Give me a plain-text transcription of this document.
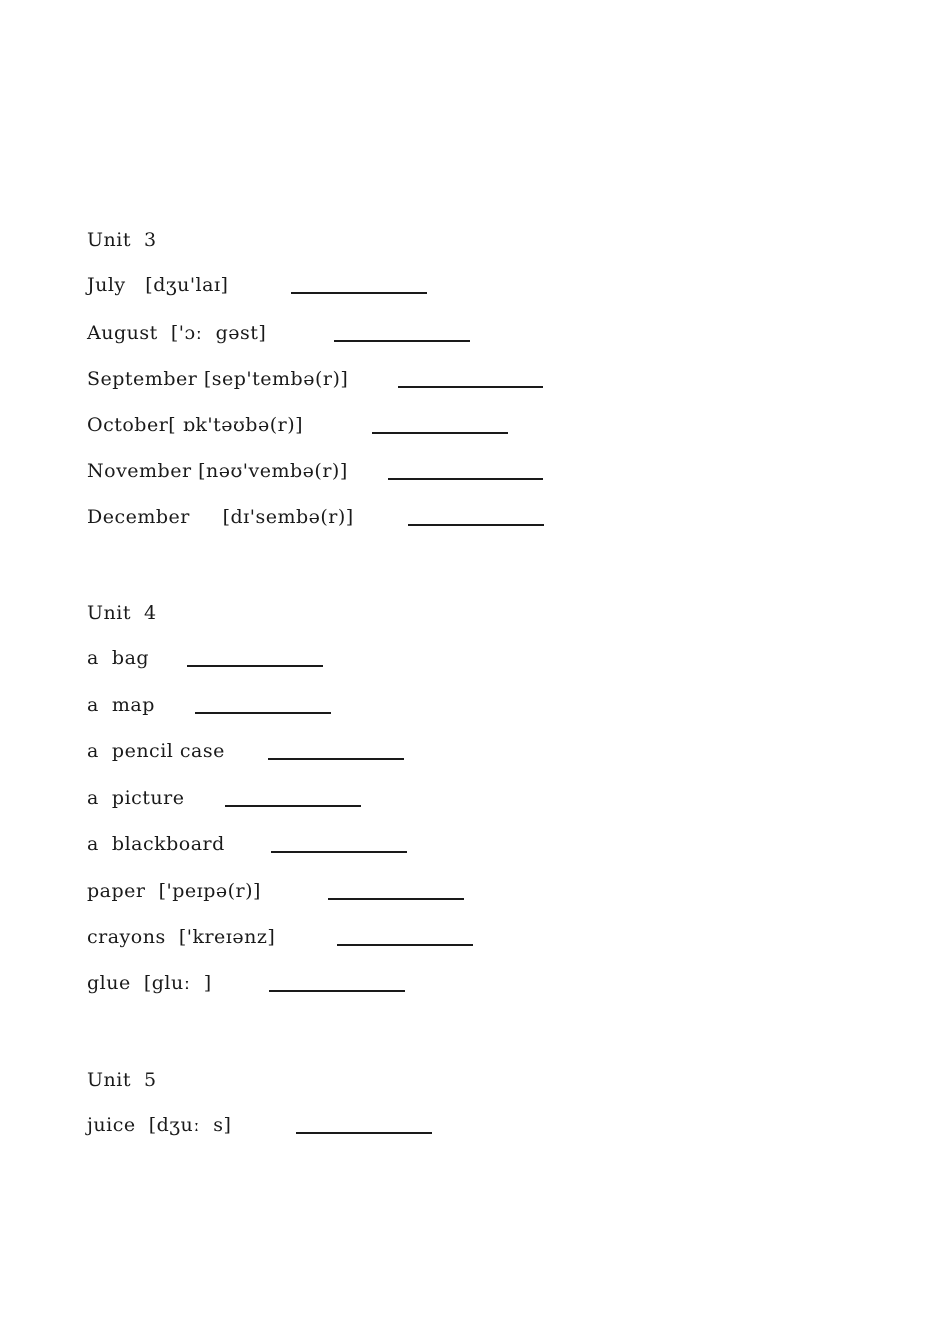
Unit  3
July [dʒu'laɪ]
August ['ɔː  gəst]
September [sep'tembə(r)]
October[ ɒk'təʊbə(r)]
November [nəʊ'vembə(r)]
December [dɪ'sembə(r)]
Unit  4
a  bag
a  map
a  pencil case
a  picture
a  blackboard
paper ['peɪpə(r)]
crayons ['kreɪənz]
glue [gluː  ]
Unit  5
juice [dʒuː  s]
